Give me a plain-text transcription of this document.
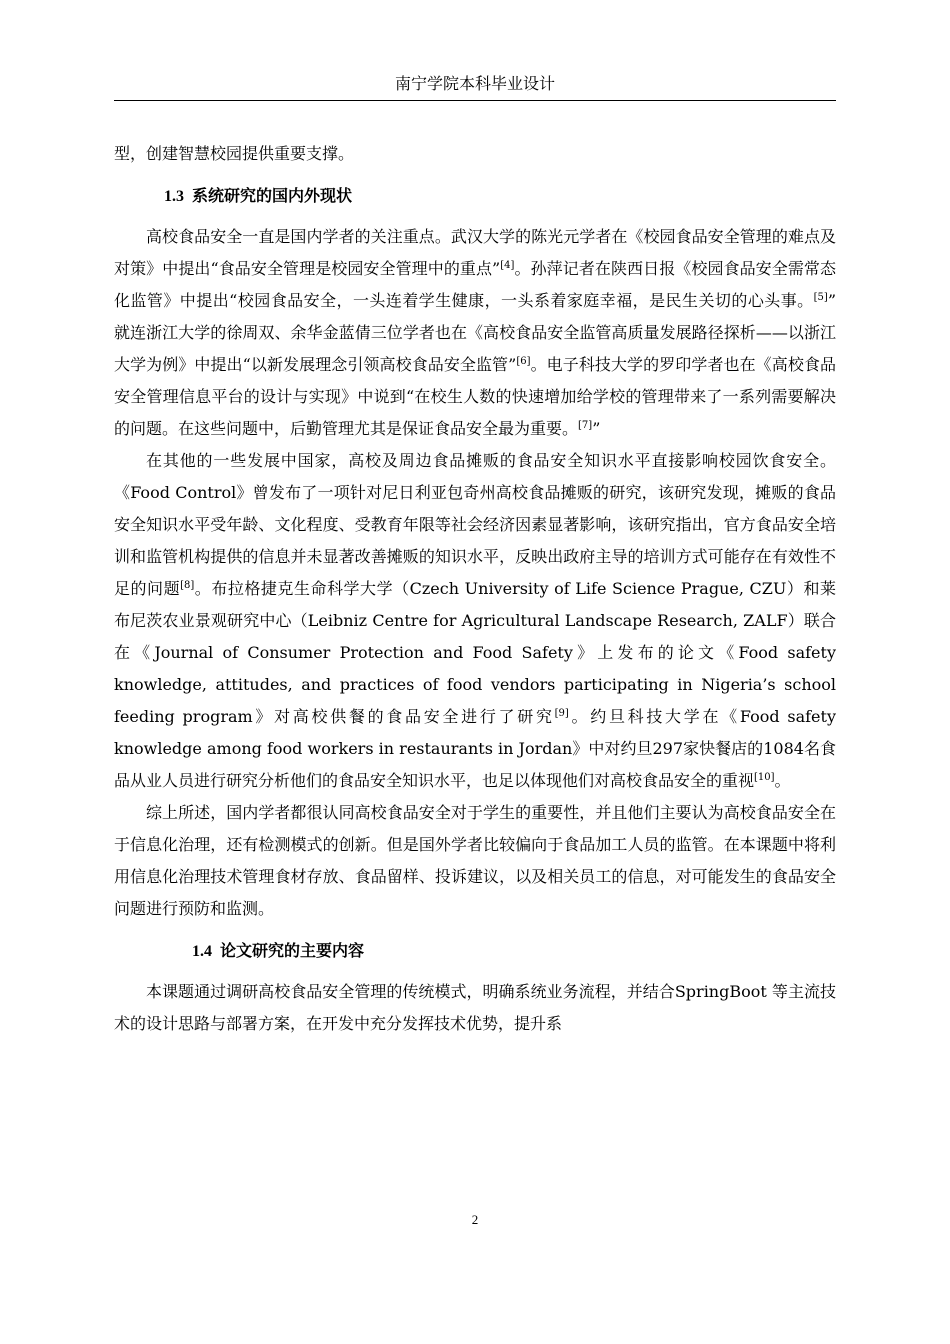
南宁学院本科毕业设计

型，创建智慧校园提供重要支撑。

1.3 系统研究的国内外现状

高校食品安全一直是国内学者的关注重点。武汉大学的陈光元学者在《校园食品安全管理的难点及对策》中提出“食品安全管理是校园安全管理中的重点”[4]。孙萍记者在陕西日报《校园食品安全需常态化监管》中提出“校园食品安全，一头连着学生健康，一头系着家庭幸福，是民生关切的心头事。[5]” 就连浙江大学的徐周双、余华金蓝倩三位学者也在《高校食品安全监管高质量发展路径探析——以浙江大学为例》中提出“以新发展理念引领高校食品安全监管”[6]。电子科技大学的罗印学者也在《高校食品安全管理信息平台的设计与实现》中说到“在校生人数的快速增加给学校的管理带来了一系列需要解决的问题。在这些问题中，后勤管理尤其是保证食品安全最为重要。[7]”

在其他的一些发展中国家，高校及周边食品摊贩的食品安全知识水平直接影响校园饮食安全。《Food Control》曾发布了一项针对尼日利亚包奇州高校食品摊贩的研究，该研究发现，摊贩的食品安全知识水平受年龄、文化程度、受教育年限等社会经济因素显著影响，该研究指出，官方食品安全培训和监管机构提供的信息并未显著改善摊贩的知识水平，反映出政府主导的培训方式可能存在有效性不足的问题[8]。布拉格捷克生命科学大学（Czech University of Life Science Prague, CZU）和莱布尼茨农业景观研究中心（Leibniz Centre for Agricultural Landscape Research, ZALF）联合在《Journal of Consumer Protection and Food Safety》上发布的论文《Food safety knowledge, attitudes, and practices of food vendors participating in Nigeria’s school feeding program》对高校供餐的食品安全进行了研究[9]。约旦科技大学在《Food safety knowledge among food workers in restaurants in Jordan》中对约旦297家快餐店的1084名食品从业人员进行研究分析他们的食品安全知识水平，也足以体现他们对高校食品安全的重视[10]。

综上所述，国内学者都很认同高校食品安全对于学生的重要性，并且他们主要认为高校食品安全在于信息化治理，还有检测模式的创新。但是国外学者比较偏向于食品加工人员的监管。在本课题中将利用信息化治理技术管理食材存放、食品留样、投诉建议，以及相关员工的信息，对可能发生的食品安全问题进行预防和监测。

1.4 论文研究的主要内容

本课题通过调研高校食品安全管理的传统模式，明确系统业务流程，并结合SpringBoot 等主流技术的设计思路与部署方案，在开发中充分发挥技术优势，提升系

2
